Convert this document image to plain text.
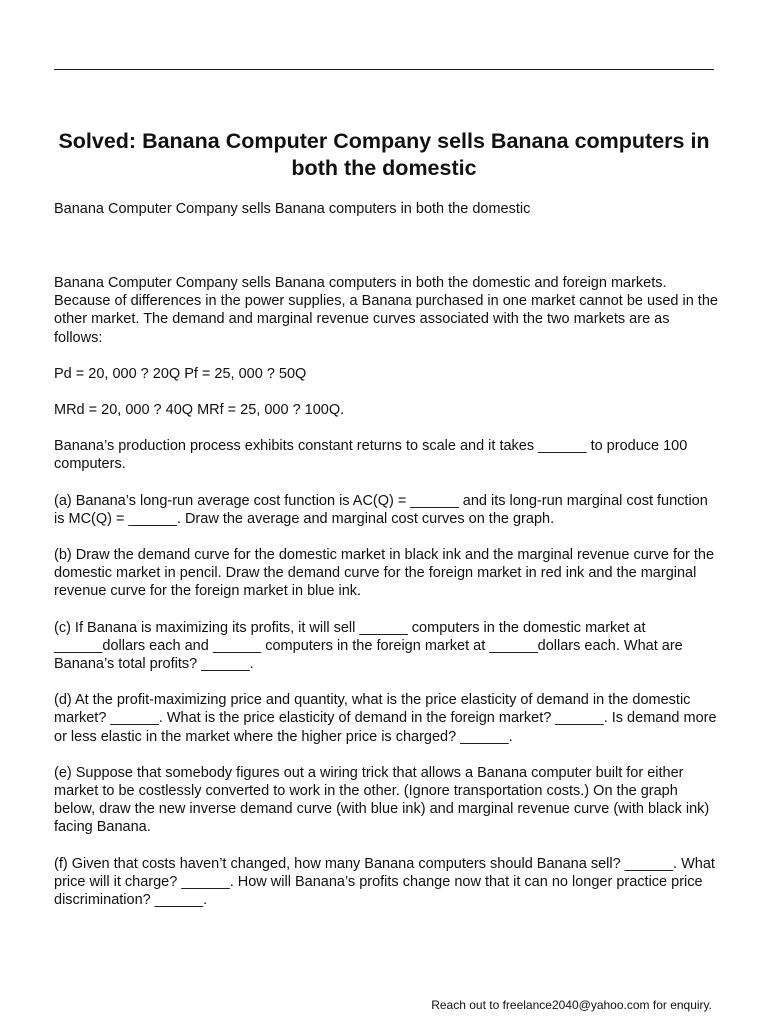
Solved: Banana Computer Company sells Banana computers in both the domestic

Banana Computer Company sells Banana computers in both the domestic

Banana Computer Company sells Banana computers in both the domestic and foreign markets. Because of differences in the power supplies, a Banana purchased in one market cannot be used in the other market. The demand and marginal revenue curves associated with the two markets are as follows:

Pd = 20, 000 ? 20Q Pf = 25, 000 ? 50Q

MRd = 20, 000 ? 40Q MRf = 25, 000 ? 100Q.

Banana’s production process exhibits constant returns to scale and it takes ______ to produce 100 computers.

(a) Banana’s long-run average cost function is AC(Q) = ______ and its long-run marginal cost function is MC(Q) = ______. Draw the average and marginal cost curves on the graph.

(b) Draw the demand curve for the domestic market in black ink and the marginal revenue curve for the domestic market in pencil. Draw the demand curve for the foreign market in red ink and the marginal revenue curve for the foreign market in blue ink.

(c) If Banana is maximizing its profits, it will sell ______ computers in the domestic market at ______dollars each and ______ computers in the foreign market at ______dollars each. What are Banana’s total profits? ______.

(d) At the profit-maximizing price and quantity, what is the price elasticity of demand in the domestic market? ______. What is the price elasticity of demand in the foreign market? ______. Is demand more or less elastic in the market where the higher price is charged? ______.

(e) Suppose that somebody figures out a wiring trick that allows a Banana computer built for either market to be costlessly converted to work in the other. (Ignore transportation costs.) On the graph below, draw the new inverse demand curve (with blue ink) and marginal revenue curve (with black ink) facing Banana.

(f) Given that costs haven’t changed, how many Banana computers should Banana sell? ______. What price will it charge? ______. How will Banana’s profits change now that it can no longer practice price discrimination? ______.

Reach out to freelance2040@yahoo.com for enquiry.
